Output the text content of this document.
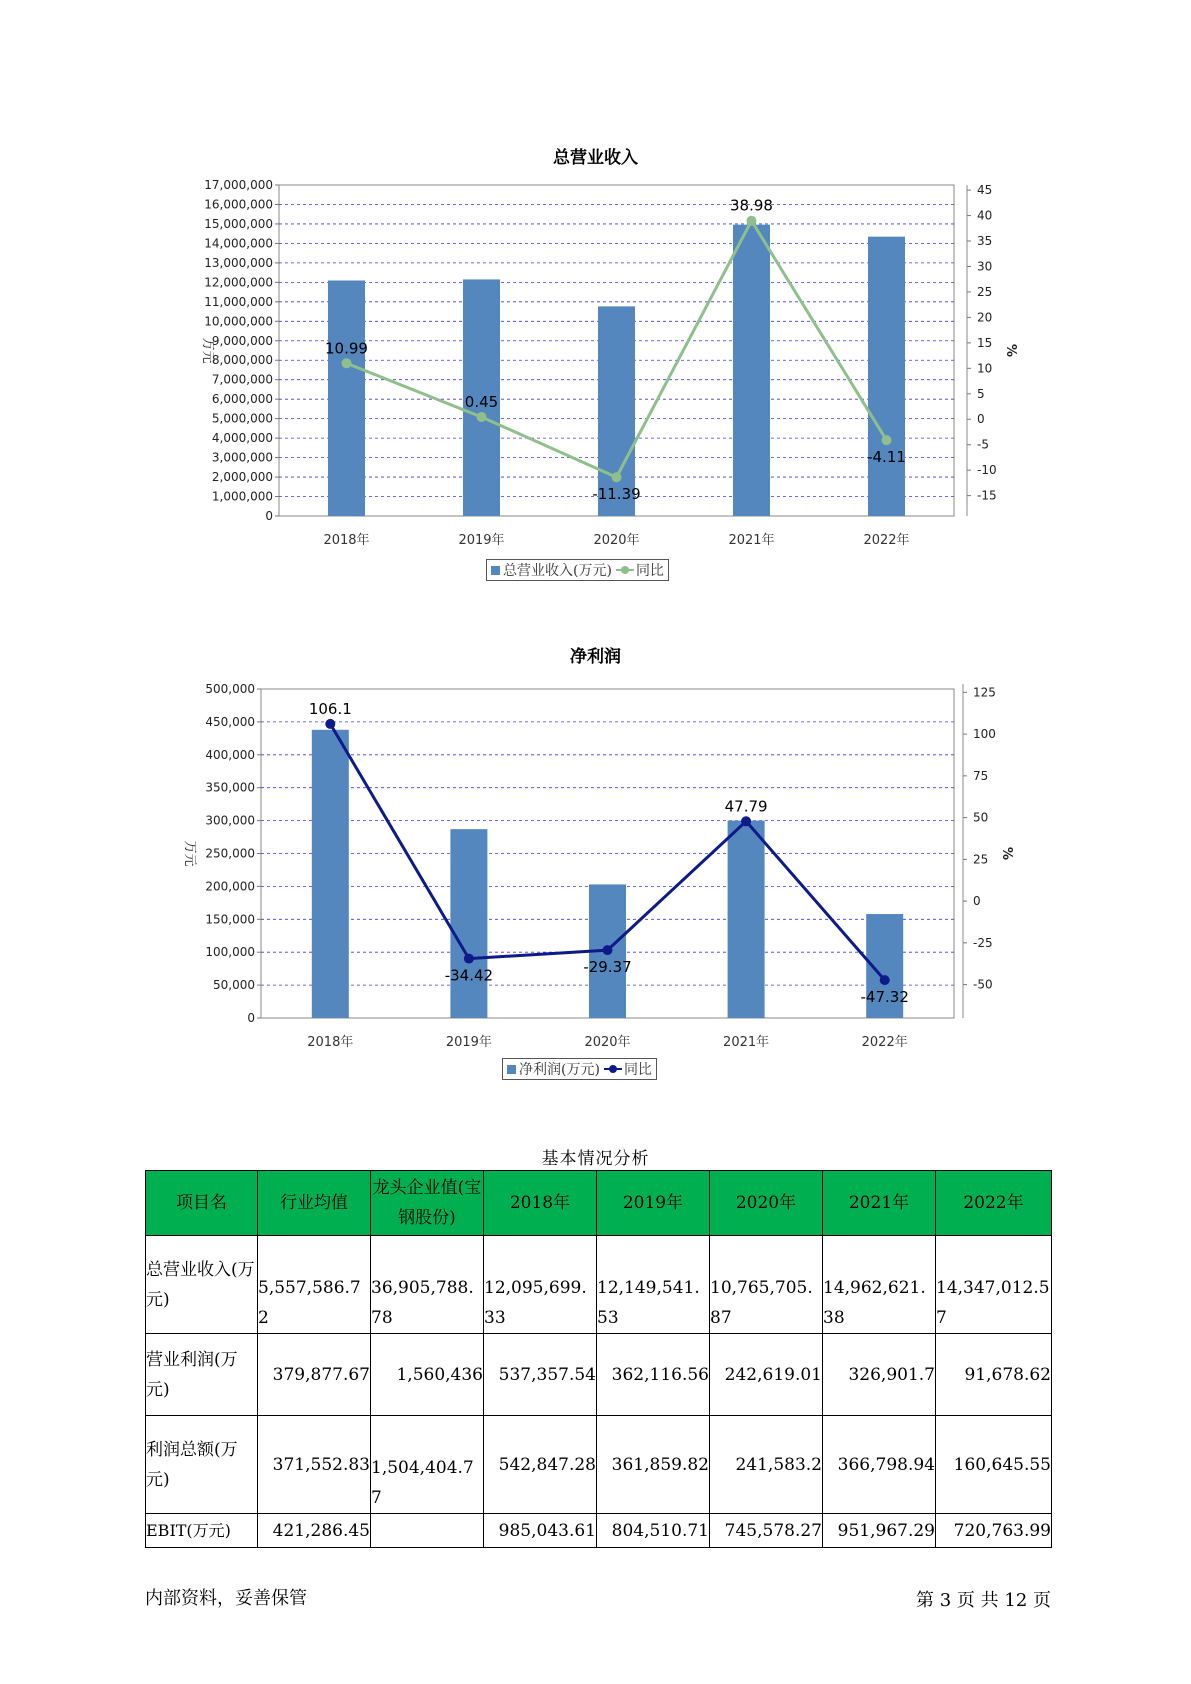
总营业收入
17,000,000
16,000,000
15,000,000
14,000,000
13,000,000
12,000,000
11,000,000
10,000,000
9,000,000
8,000,000
7,000,000
6,000,000
5,000,000
4,000,000
3,000,000
2,000,000
1,000,000
0
45
40
35
30
25
20
15
10
5
0
-5
-10
-15
万元	%
2018年	2019年	2020年	2021年	2022年
10.99
0.45
-11.39
38.98
-4.11
总营业收入(万元) 同比
净利润
500,000
450,000
400,000
350,000
300,000
250,000
200,000
150,000
100,000
50,000
0
125
100
75
50
25
0
-25
-50
万元	%
2018年	2019年	2020年	2021年	2022年
106.1
-34.42	-29.37
47.79
-47.32
净利润(万元) 同比
基本情况分析
项目名	行业均值	龙头企业值(宝钢股份)	2018年	2019年	2020年	2021年	2022年
总营业收入(万元)	5,557,586.72	36,905,788.78	12,095,699.33	12,149,541.53	10,765,705.87	14,962,621.38	14,347,012.57
营业利润(万元)	379,877.67	1,560,436	537,357.54	362,116.56	242,619.01	326,901.7	91,678.62
利润总额(万元)	371,552.83	1,504,404.77	542,847.28	361,859.82	241,583.2	366,798.94	160,645.55
EBIT(万元)	421,286.45		985,043.61	804,510.71	745,578.27	951,967.29	720,763.99
内部资料，妥善保管	第 3 页 共 12 页
